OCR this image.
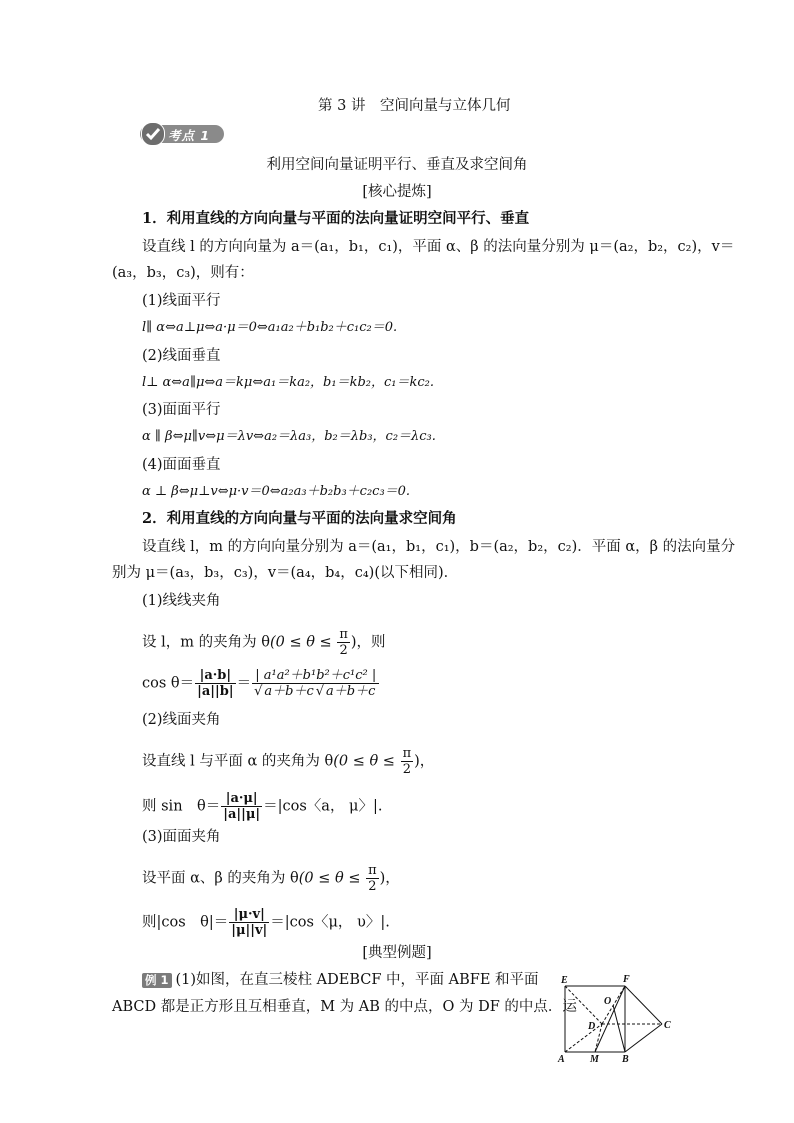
第 3 讲　空间向量与立体几何
考点 1
利用空间向量证明平行、垂直及求空间角
[核心提炼]
1．利用直线的方向向量与平面的法向量证明空间平行、垂直
设直线 l 的方向向量为 a＝(a₁，b₁，c₁)，平面 α、β 的法向量分别为 μ＝(a₂，b₂，c₂)，v＝
(a₃，b₃，c₃)，则有：
(1)线面平行
l∥ α⇔a⊥μ⇔a·μ＝0⇔a₁a₂＋b₁b₂＋c₁c₂＝0.
(2)线面垂直
l⊥ α⇔a∥μ⇔a＝kμ⇔a₁＝ka₂，b₁＝kb₂，c₁＝kc₂.
(3)面面平行
α ∥ β⇔μ∥v⇔μ＝λv⇔a₂＝λa₃，b₂＝λb₃，c₂＝λc₃.
(4)面面垂直
α ⊥ β⇔μ⊥v⇔μ·v＝0⇔a₂a₃＋b₂b₃＋c₂c₃＝0.
2．利用直线的方向向量与平面的法向量求空间角
设直线 l，m 的方向向量分别为 a＝(a₁，b₁，c₁)，b＝(a₂，b₂，c₂)．平面 α，β 的法向量分
别为 μ＝(a₃，b₃，c₃)，v＝(a₄，b₄，c₄)(以下相同)．
(1)线线夹角
设 l，m 的夹角为 $\theta(0 \le \theta \le \frac{\pi}{2}$ )，则
$\cos \theta= \frac{|a\cdot b|}{|a||b|} = \frac{\text{| a¹a²＋b¹b²＋c¹c² |}}{√ a+b+c √ a+b+c}$
(2)线面夹角
设直线 l 与平面 α 的夹角为 $\theta(0 \le \theta \le \frac{\pi}{2}$ )，
则 sin　$\theta= \frac{|a\cdot\mu|}{|a||\mu|} =|\cos$〈a， μ〉|.
(3)面面夹角
设平面 α、β 的夹角为 $\theta(0 \le \theta \le \frac{\pi}{2}$ )，
则|cos　$\theta|= \frac{|\mu\cdot v|}{|\mu||v|} =|\cos$〈μ， υ〉|.
[典型例题]
例 1 (1)如图，在直三棱柱 ADEBCF 中，平面 ABFE 和平面
ABCD 都是正方形且互相垂直，M 为 AB 的中点，O 为 DF 的中点．运
E	F
O
D	C
A	M B
